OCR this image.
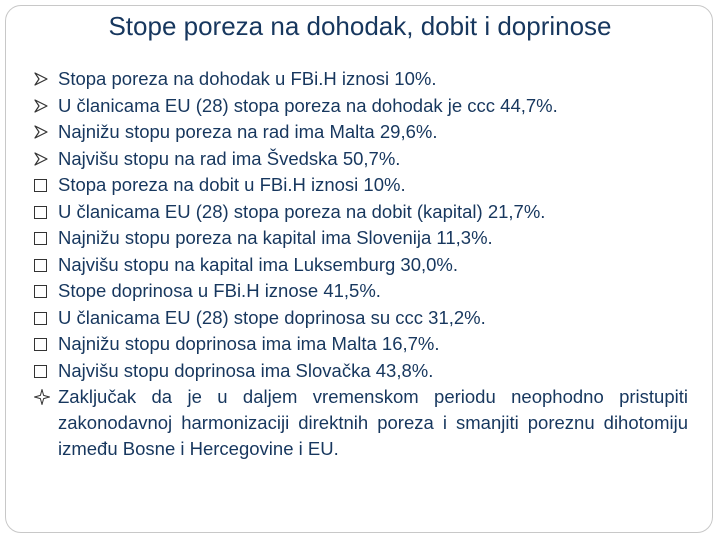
Stope poreza na dohodak, dobit i doprinose
Stopa poreza na dohodak u FBi.H iznosi 10%.
U članicama EU (28) stopa poreza na dohodak je ccc 44,7%.
Najnižu stopu poreza na rad ima Malta 29,6%.
Najvišu stopu na rad ima Švedska 50,7%.
Stopa poreza na dobit u FBi.H iznosi 10%.
U članicama EU (28) stopa poreza na dobit (kapital) 21,7%.
Najnižu stopu poreza na kapital ima Slovenija 11,3%.
Najvišu stopu na kapital ima Luksemburg 30,0%.
Stope doprinosa u FBi.H iznose 41,5%.
U članicama EU (28) stope doprinosa su ccc 31,2%.
Najnižu stopu doprinosa ima ima Malta 16,7%.
Najvišu stopu doprinosa ima Slovačka 43,8%.
Zaključak da je u daljem vremenskom periodu neophodno pristupiti zakonodavnoj harmonizaciji direktnih poreza i smanjiti poreznu dihotomiju između Bosne i Hercegovine i EU.
